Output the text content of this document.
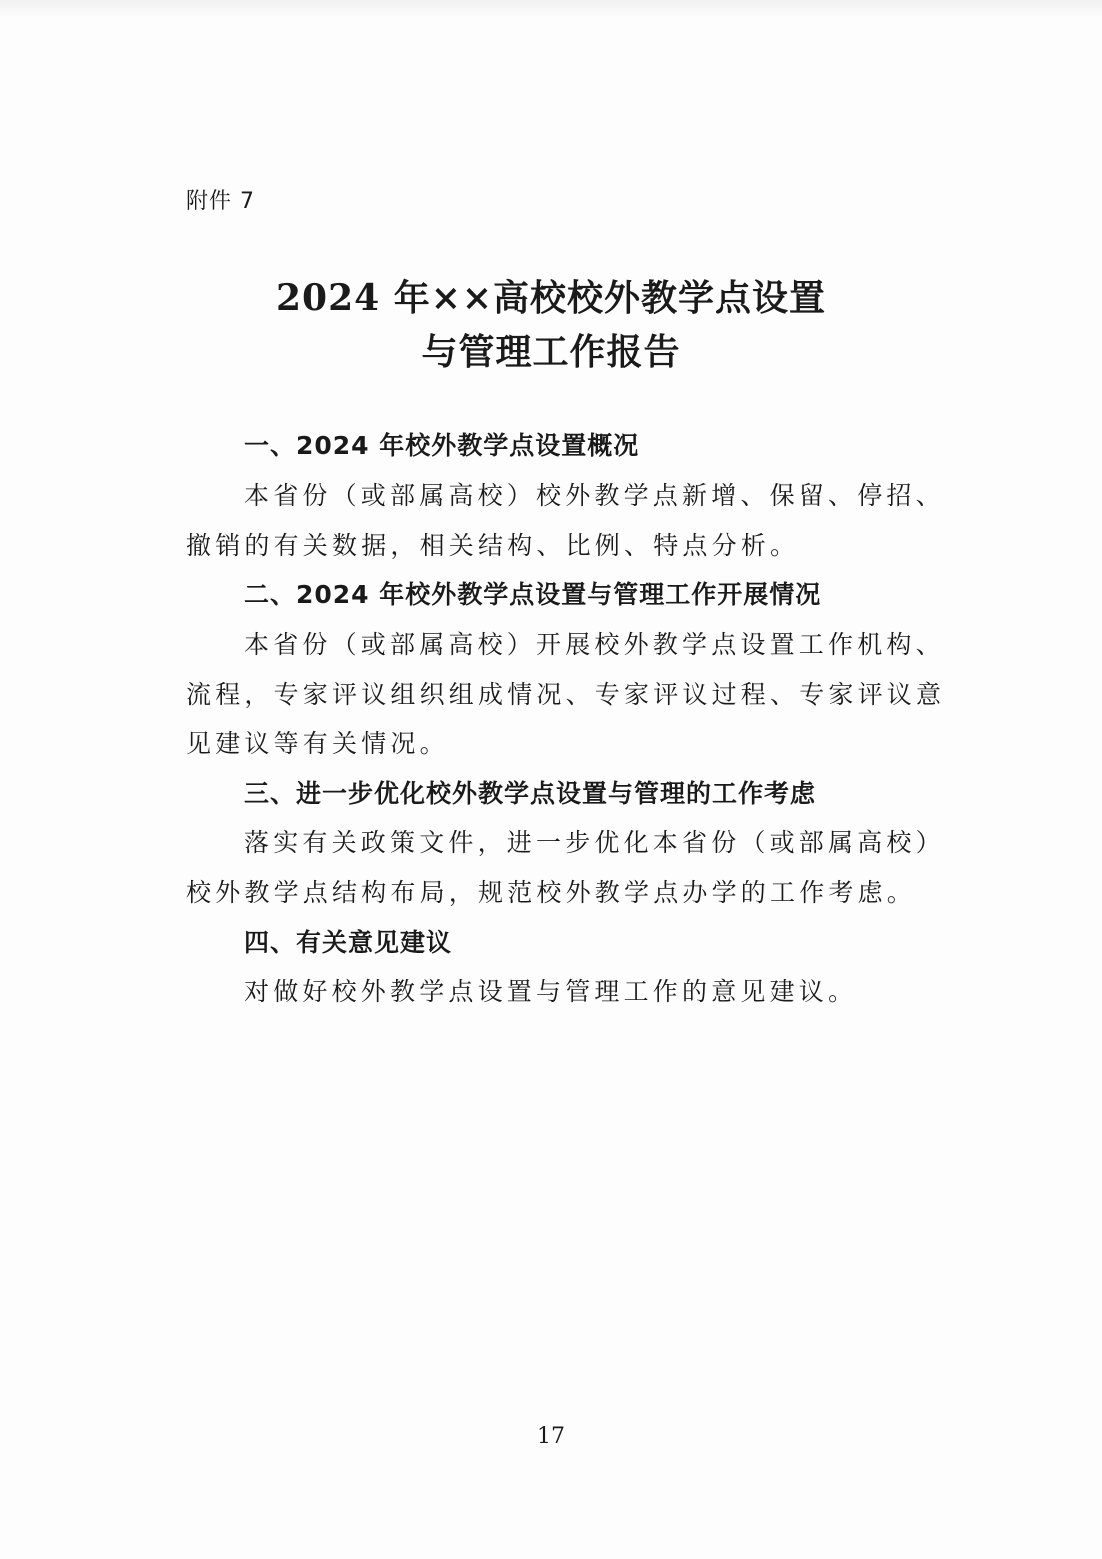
附件 7
2024 年××高校校外教学点设置
与管理工作报告
一、2024 年校外教学点设置概况
本省份（或部属高校）校外教学点新增、保留、停招、
撤销的有关数据，相关结构、比例、特点分析。
二、2024 年校外教学点设置与管理工作开展情况
本省份（或部属高校）开展校外教学点设置工作机构、
流程，专家评议组织组成情况、专家评议过程、专家评议意
见建议等有关情况。
三、进一步优化校外教学点设置与管理的工作考虑
落实有关政策文件，进一步优化本省份（或部属高校）
校外教学点结构布局，规范校外教学点办学的工作考虑。
四、有关意见建议
对做好校外教学点设置与管理工作的意见建议。
17
